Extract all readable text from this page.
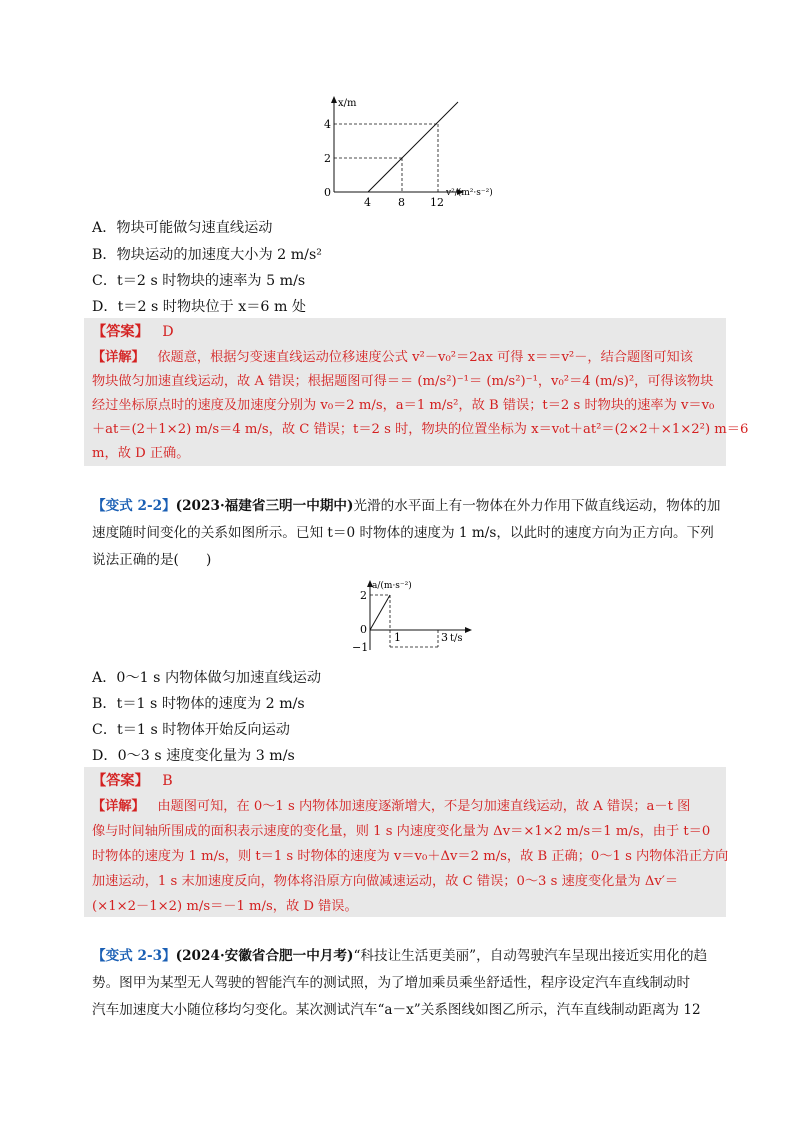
x/m
0
2
4
4 8 12
v²/(m²·s⁻²)
A．物块可能做匀速直线运动
B．物块运动的加速度大小为 2 m/s²
C．t＝2 s 时物块的速率为 5 m/s
D．t＝2 s 时物块位于 x＝6 m 处
【答案】 D
【详解】 依题意，根据匀变速直线运动位移速度公式 v²－v₀²＝2ax 可得 x＝＝v²－，结合题图可知该
物块做匀加速直线运动，故 A 错误；根据题图可得＝＝ (m/s²)⁻¹＝ (m/s²)⁻¹，v₀²＝4 (m/s)²，可得该物块
经过坐标原点时的速度及加速度分别为 v₀＝2 m/s，a＝1 m/s²，故 B 错误；t＝2 s 时物块的速率为 v＝v₀
＋at＝(2＋1×2) m/s＝4 m/s，故 C 错误；t＝2 s 时，物块的位置坐标为 x＝v₀t＋at²＝(2×2＋×1×2²) m＝6
m，故 D 正确。
【变式 2-2】(2023·福建省三明一中期中)光滑的水平面上有一物体在外力作用下做直线运动，物体的加
速度随时间变化的关系如图所示。已知 t＝0 时物体的速度为 1 m/s，以此时的速度方向为正方向。下列
说法正确的是(　　)
a/(m·s⁻²)
2
0
−1
1	3 t/s
A．0～1 s 内物体做匀加速直线运动
B．t＝1 s 时物体的速度为 2 m/s
C．t＝1 s 时物体开始反向运动
D．0～3 s 速度变化量为 3 m/s
【答案】 B
【详解】 由题图可知，在 0～1 s 内物体加速度逐渐增大，不是匀加速直线运动，故 A 错误；a－t 图
像与时间轴所围成的面积表示速度的变化量，则 1 s 内速度变化量为 Δv＝×1×2 m/s＝1 m/s，由于 t＝0
时物体的速度为 1 m/s，则 t＝1 s 时物体的速度为 v＝v₀＋Δv＝2 m/s，故 B 正确；0～1 s 内物体沿正方向
加速运动，1 s 末加速度反向，物体将沿原方向做减速运动，故 C 错误；0～3 s 速度变化量为 Δv′＝
(×1×2－1×2) m/s＝－1 m/s，故 D 错误。
【变式 2-3】(2024·安徽省合肥一中月考)“科技让生活更美丽”，自动驾驶汽车呈现出接近实用化的趋
势。图甲为某型无人驾驶的智能汽车的测试照，为了增加乘员乘坐舒适性，程序设定汽车直线制动时
汽车加速度大小随位移均匀变化。某次测试汽车“a－x”关系图线如图乙所示，汽车直线制动距离为 12
